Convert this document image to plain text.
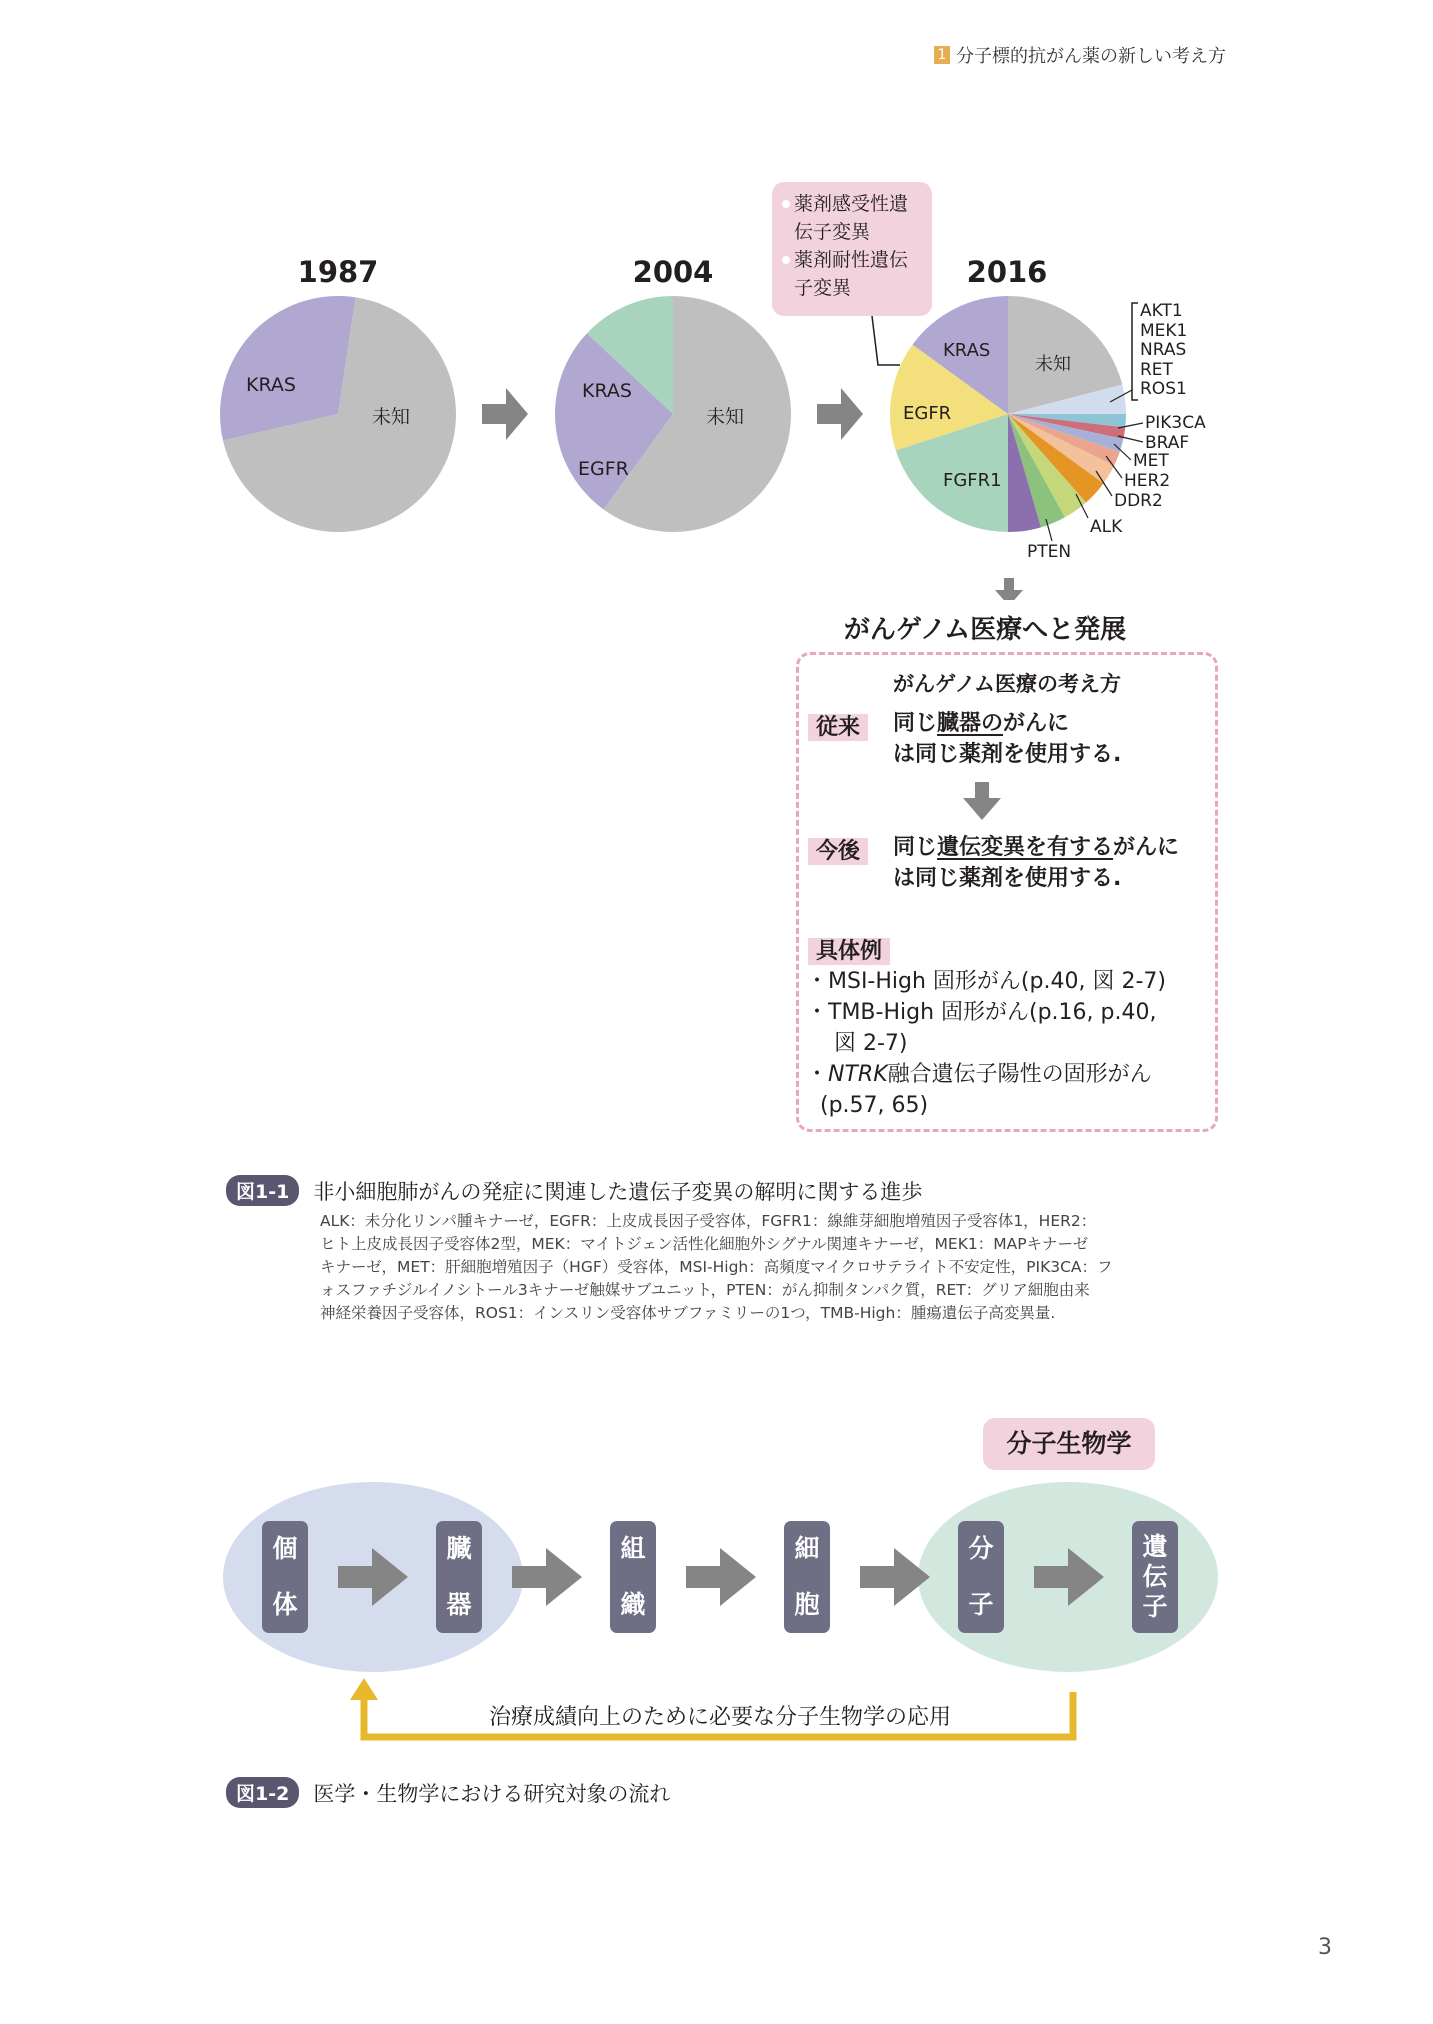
1 分子標的抗がん薬の新しい考え方
1987	2004	2016
KRAS
未知
KRAS
EGFR
未知
KRAS
未知
EGFR
FGFR1
AKT1
MEK1
NRAS
RET
ROS1
PIK3CA
BRAF
MET
HER2
DDR2
ALK
PTEN
薬剤感受性遺伝子変異
薬剤耐性遺伝子変異
がんゲノム医療へと発展
がんゲノム医療の考え方
従来	同じ臓器のがんに
は同じ薬剤を使用する.
今後	同じ遺伝変異を有するがんに
は同じ薬剤を使用する.
具体例
・MSI-High 固形がん(p.40, 図 2-7)
・TMB-High 固形がん(p.16, p.40,
図 2-7)
・NTRK融合遺伝子陽性の固形がん
(p.57, 65)
図1-1	非小細胞肺がんの発症に関連した遺伝子変異の解明に関する進歩
ALK：未分化リンパ腫キナーゼ，EGFR：上皮成長因子受容体，FGFR1：線維芽細胞増殖因子受容体1，HER2：
ヒト上皮成長因子受容体2型，MEK：マイトジェン活性化細胞外シグナル関連キナーゼ，MEK1：MAPキナーゼ
キナーゼ，MET：肝細胞増殖因子（HGF）受容体，MSI-High：高頻度マイクロサテライト不安定性，PIK3CA：フ
ォスファチジルイノシトール3キナーゼ触媒サブユニット，PTEN：がん抑制タンパク質，RET：グリア細胞由来
神経栄養因子受容体，ROS1：インスリン受容体サブファミリーの1つ，TMB-High：腫瘍遺伝子高変異量.
分子生物学
個
体
臓
器
組
織
細
胞
分
子
遺
伝
子
治療成績向上のために必要な分子生物学の応用
図1-2	医学・生物学における研究対象の流れ
3
